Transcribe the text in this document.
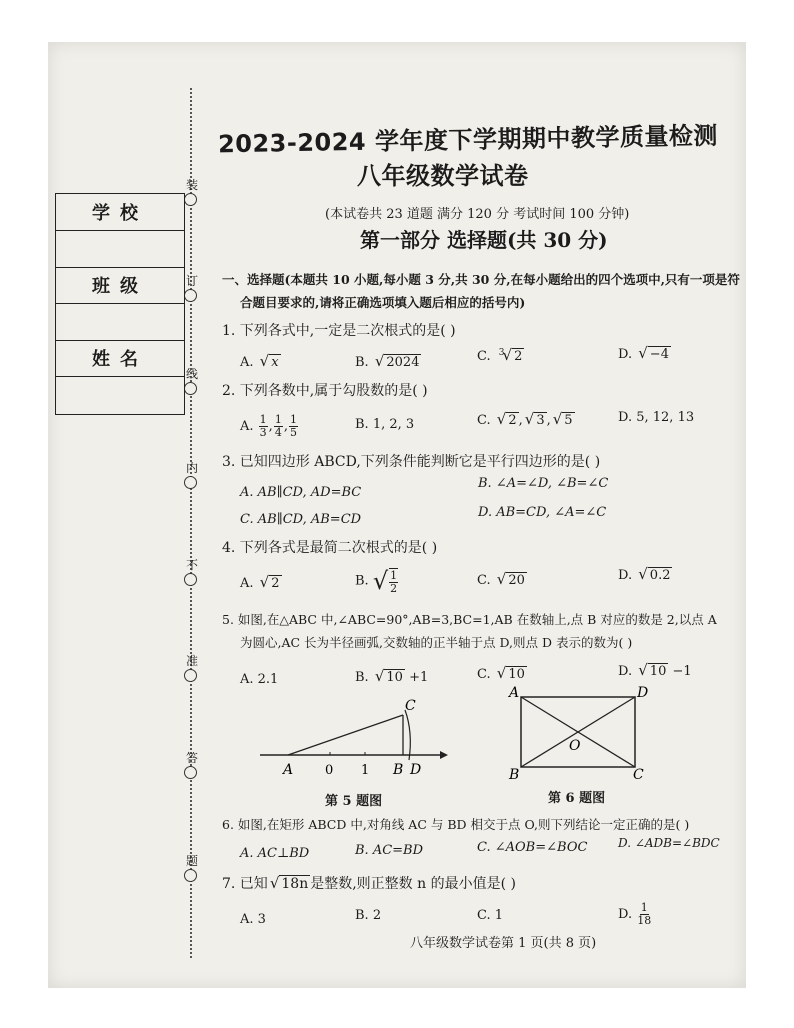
装
订
线
内
不
准
答
题
学校
班级
姓名
2023-2024 学年度下学期期中教学质量检测
八年级数学试卷
(本试卷共 23 道题 满分 120 分 考试时间 100 分钟)
第一部分 选择题(共 30 分)
一、选择题(本题共 10 小题,每小题 3 分,共 30 分,在每小题给出的四个选项中,只有一项是符
合题目要求的,请将正确选项填入题后相应的括号内)
1. 下列各式中,一定是二次根式的是( )
A. √ x	B. √ 2024	C. $^3$ √ 2	D. √ −4
2. 下列各数中,属于勾股数的是( )
A. $\frac{1}{3}$ , $\frac{1}{4}$ , $\frac{1}{5}$	B. 1, 2, 3	C. √ 2 , √ 3 , √ 5	D. 5, 12, 13
3. 已知四边形 ABCD,下列条件能判断它是平行四边形的是( )
A. AB∥CD, AD=BC
B. ∠A=∠D, ∠B=∠C
C. AB∥CD, AB=CD	D. AB=CD, ∠A=∠C
4. 下列各式是最简二次根式的是( )
A. √ 2	B. √ $\frac{1}{2}$	C. √ 20	D. √ 0.2
5. 如图,在△ABC 中,∠ABC=90°,AB=3,BC=1,AB 在数轴上,点 B 对应的数是 2,以点 A
为圆心,AC 长为半径画弧,交数轴的正半轴于点 D,则点 D 表示的数为( )
A. 2.1	B. √ 10 +1	C. √ 10	D. √ 10 −1
A 0 1 B D
C
第 5 题图
A	D
B	C
O
第 6 题图
6. 如图,在矩形 ABCD 中,对角线 AC 与 BD 相交于点 O,则下列结论一定正确的是( )
A. AC⊥BD	B. AC=BD	C. ∠AOB=∠BOC	D. ∠ADB=∠BDC
7. 已知 √ 18n 是整数,则正整数 n 的最小值是( )
A. 3	B. 2	C. 1	D. $\frac{1}{18}$
八年级数学试卷第 1 页(共 8 页)
